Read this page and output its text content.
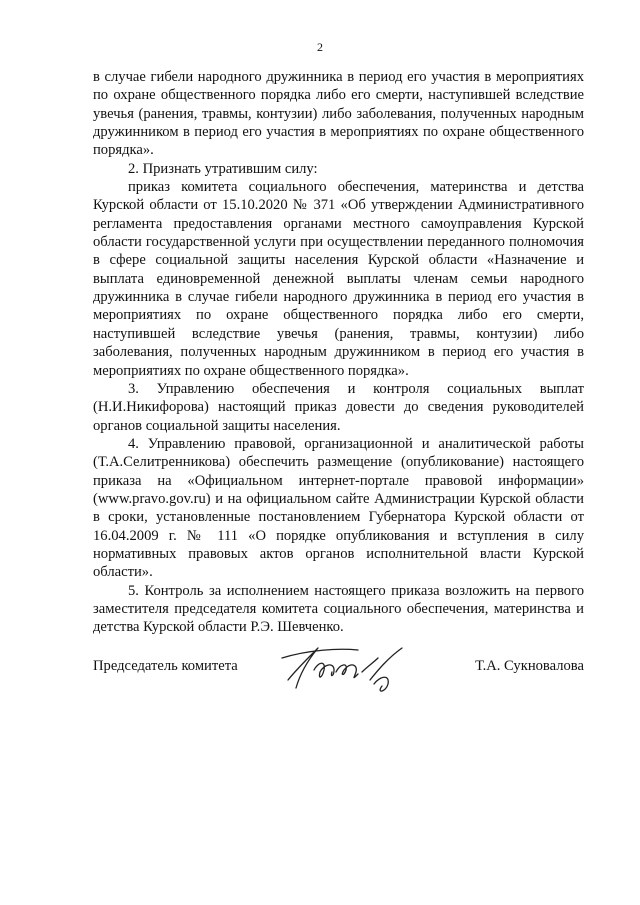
2

в случае гибели народного дружинника в период его участия в мероприятиях по охране общественного порядка либо его смерти, наступившей вследствие увечья (ранения, травмы, контузии) либо заболевания, полученных народным дружинником в период его участия в мероприятиях по охране общественного порядка».

2. Признать утратившим силу:

приказ комитета социального обеспечения, материнства и детства Курской области от 15.10.2020 № 371 «Об утверждении Административного регламента предоставления органами местного самоуправления Курской области государственной услуги при осуществлении переданного полномочия в сфере социальной защиты населения Курской области «Назначение и выплата единовременной денежной выплаты членам семьи народного дружинника в случае гибели народного дружинника в период его участия в мероприятиях по охране общественного порядка либо его смерти, наступившей вследствие увечья (ранения, травмы, контузии) либо заболевания, полученных народным дружинником в период его участия в мероприятиях по охране общественного порядка».

3. Управлению обеспечения и контроля социальных выплат (Н.И.Никифорова) настоящий приказ довести до сведения руководителей органов социальной защиты населения.

4. Управлению правовой, организационной и аналитической работы (Т.А.Селитренникова) обеспечить размещение (опубликование) настоящего приказа на «Официальном интернет-портале правовой информации» (www.pravo.gov.ru) и на официальном сайте Администрации Курской области в сроки, установленные постановлением Губернатора Курской области от 16.04.2009 г. № 111 «О порядке опубликования и вступления в силу нормативных правовых актов органов исполнительной власти Курской области».

5. Контроль за исполнением настоящего приказа возложить на первого заместителя председателя комитета социального обеспечения, материнства и детства Курской области Р.Э. Шевченко.

Председатель комитета	Т.А. Сукновалова
